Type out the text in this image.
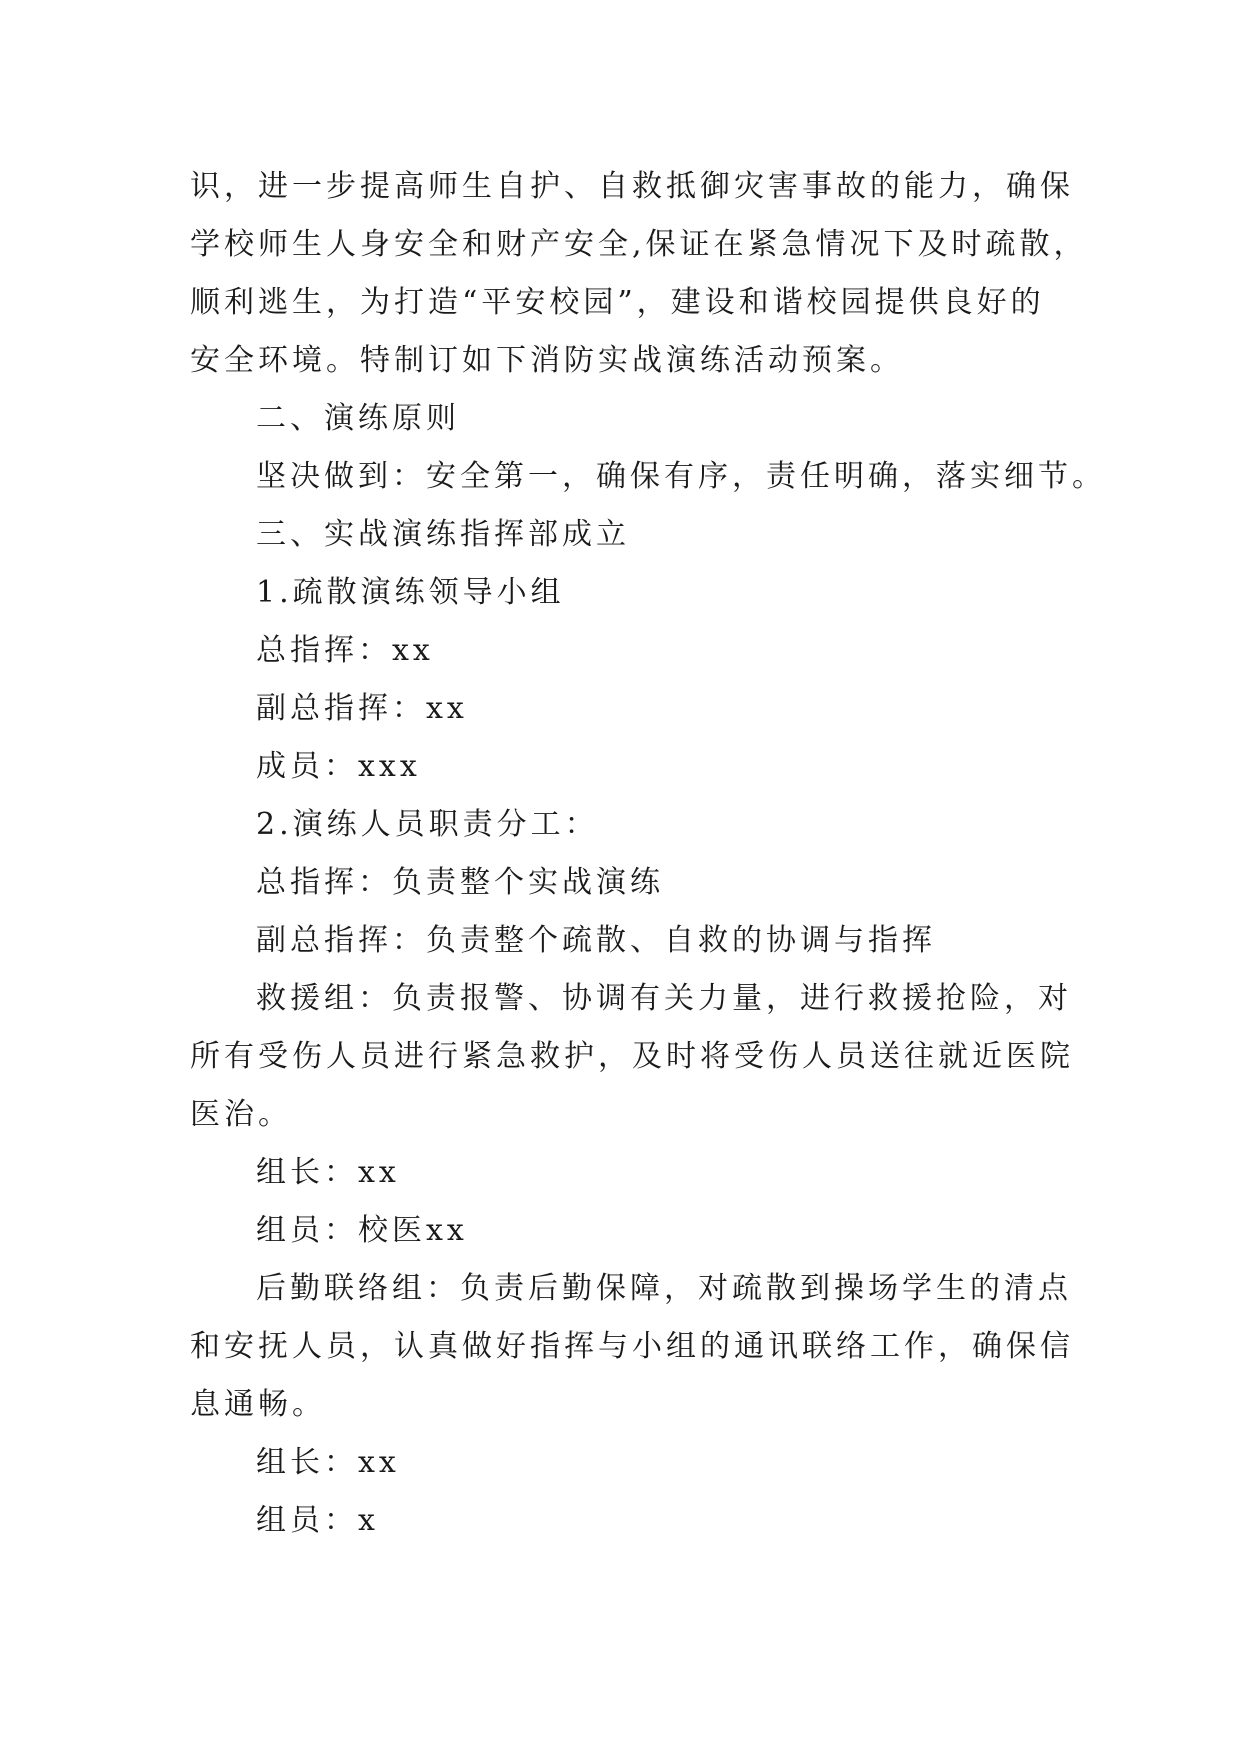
识，进一步提高师生自护、自救抵御灾害事故的能力，确保
学校师生人身安全和财产安全,保证在紧急情况下及时疏散，
顺利逃生，为打造“平安校园”，建设和谐校园提供良好的
安全环境。特制订如下消防实战演练活动预案。
二、演练原则
坚决做到：安全第一，确保有序，责任明确，落实细节。
三、实战演练指挥部成立
1.疏散演练领导小组
总指挥：xx
副总指挥：xx
成员：xxx
2.演练人员职责分工：
总指挥：负责整个实战演练
副总指挥：负责整个疏散、自救的协调与指挥
救援组：负责报警、协调有关力量，进行救援抢险，对
所有受伤人员进行紧急救护，及时将受伤人员送往就近医院
医治。
组长：xx
组员：校医xx
后勤联络组：负责后勤保障，对疏散到操场学生的清点
和安抚人员，认真做好指挥与小组的通讯联络工作，确保信
息通畅。
组长：xx
组员：x
